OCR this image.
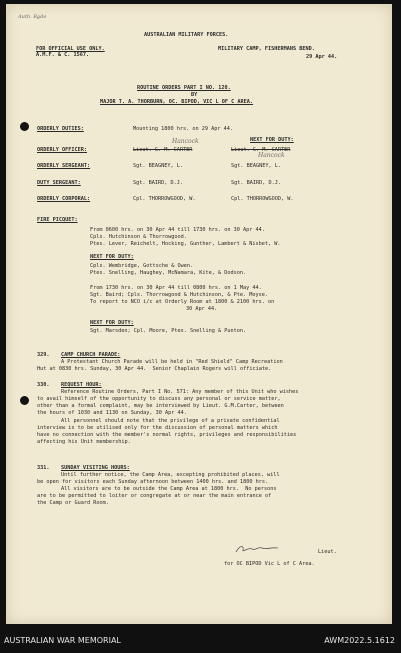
Auth. Bgde
AUSTRALIAN MILITARY FORCES.
FOR OFFICIAL USE ONLY.
A.M.F. & C. 1567.
MILITARY CAMP, FISHERMANS BEND.
29 Apr 44.
ROUTINE ORDERS PART I NO. 120.
BY
MAJOR T. A. THORBURN, OC. BIPOD, VIC L OF C AREA.
ORDERLY DUTIES:	Mounting 1800 hrs. on 29 Apr 44.
NEXT FOR DUTY:
Hancock
ORDERLY OFFICER:	Lieut. G. M. CARTER	Lieut. G. M. CARTER
Hancock
ORDERLY SERGEANT:	Sgt. BEAGNEY, L.	Sgt. BEAGNEY, L.
DUTY SERGEANT:	Sgt. BAIRD, D.J.	Sgt. BAIRD, D.J.
ORDERLY CORPORAL:	Cpl. THORROWGOOD, W.	Cpl. THORROWGOOD, W.
FIRE PICQUET:
From 0600 hrs. on 30 Apr 44 till 1730 hrs. on 30 Apr 44.
Cpls. Hutchinson & Thorrowgood.
Ptes. Lever, Reichelt, Hocking, Gunther, Lambert & Nisbet, W.
NEXT FOR DUTY:
Cpls. Wembridge, Gottsche & Owen.
Ptes. Snelling, Haughey, McNamara, Kite, & Dodson.
From 1730 hrs. on 30 Apr 44 till 0800 hrs. on 1 May 44.
Sgt. Baird; Cpls. Thorrowgood & Hutchinson, & Pte. Moyse.
To report to NCO i/c at Orderly Room at 1800 & 2100 hrs. on
30 Apr 44.
NEXT FOR DUTY:
Sgt. Marsden; Cpl. Moore, Ptes. Snelling & Punton.
329. CAMP CHURCH PARADE:
A Protestant Church Parade will be held in "Red Shield" Camp Recreation
Hut at 0830 hrs. Sunday, 30 Apr 44.  Senior Chaplain Rogers will officiate.
330. REQUEST HOUR:
Reference Routine Orders, Part I No. 571: Any member of this Unit who wishes
to avail himself of the opportunity to discuss any personal or service matter,
other than a formal complaint, may be interviewed by Lieut. G.M.Carter, between
the hours of 1030 and 1130 on Sunday, 30 Apr 44.
All personnel should note that the privilege of a private confidential
interview is to be utilised only for the discussion of personal matters which
have no connection with the member's normal rights, privileges and responsibilities
affecting his Unit membership.
331. SUNDAY VISITING HOURS:
Until further notice, the Camp Area, excepting prohibited places, will
be open for visitors each Sunday afternoon between 1400 hrs. and 1800 hrs.
All visitors are to be outside the Camp Area at 1800 hrs.  No persons
are to be permitted to loiter or congregate at or near the main entrance of
the Camp or Guard Room.
Lieut.
for OC BIPOD Vic L of C Area.
AUSTRALIAN WAR MEMORIAL	AWM2022.5.1612
